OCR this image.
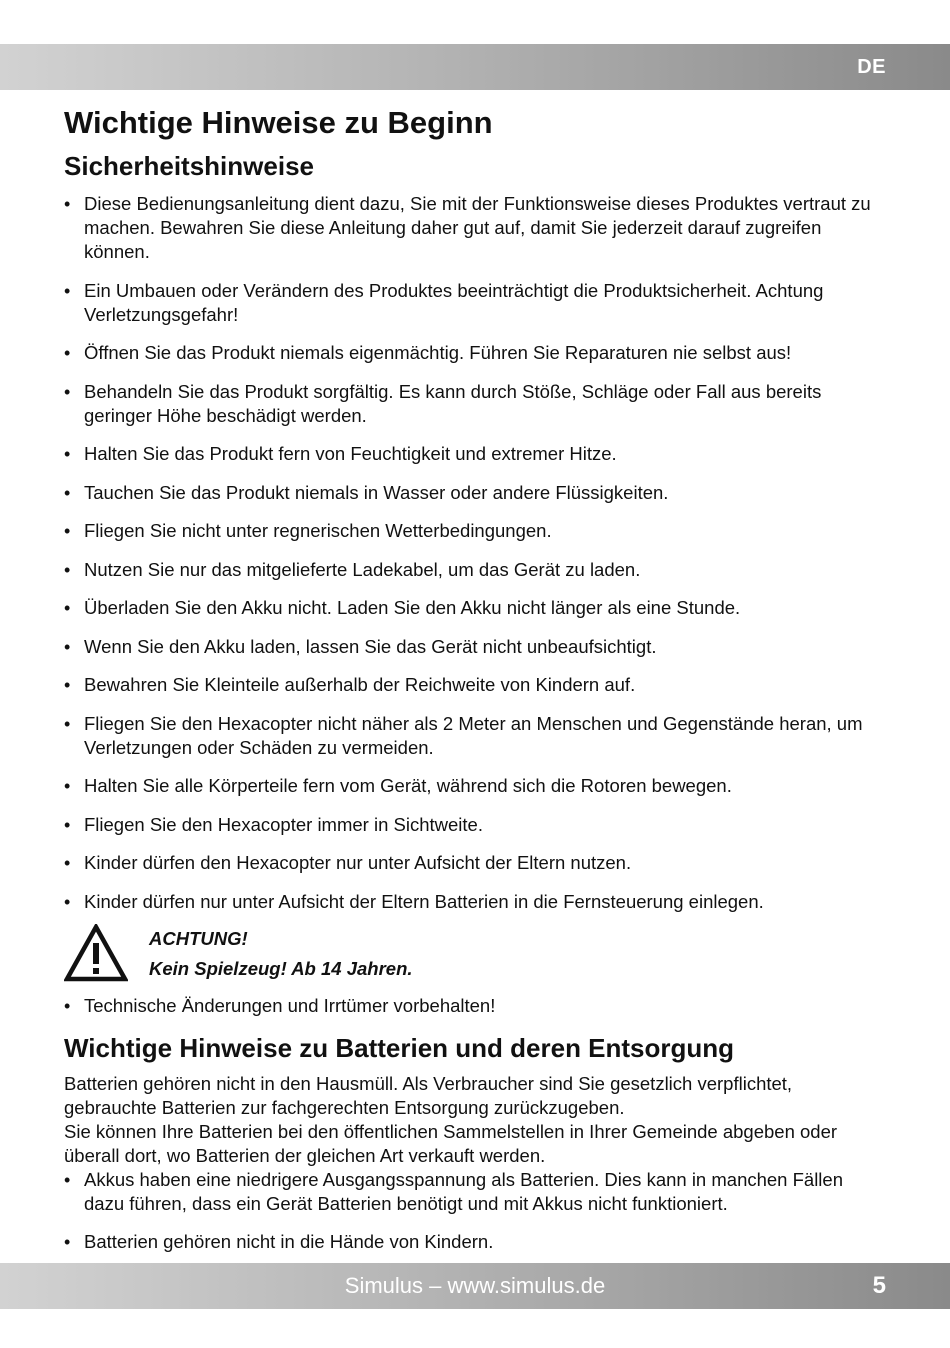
DE
Wichtige Hinweise zu Beginn
Sicherheitshinweise
• Diese Bedienungsanleitung dient dazu, Sie mit der Funktionsweise dieses Produktes vertraut zu machen. Bewahren Sie diese Anleitung daher gut auf, damit Sie jederzeit darauf zugreifen können.
• Ein Umbauen oder Verändern des Produktes beeinträchtigt die Produktsicherheit. Achtung Verletzungsgefahr!
• Öffnen Sie das Produkt niemals eigenmächtig. Führen Sie Reparaturen nie selbst aus!
• Behandeln Sie das Produkt sorgfältig. Es kann durch Stöße, Schläge oder Fall aus bereits geringer Höhe beschädigt werden.
• Halten Sie das Produkt fern von Feuchtigkeit und extremer Hitze.
• Tauchen Sie das Produkt niemals in Wasser oder andere Flüssigkeiten.
• Fliegen Sie nicht unter regnerischen Wetterbedingungen.
• Nutzen Sie nur das mitgelieferte Ladekabel, um das Gerät zu laden.
• Überladen Sie den Akku nicht. Laden Sie den Akku nicht länger als eine Stunde.
• Wenn Sie den Akku laden, lassen Sie das Gerät nicht unbeaufsichtigt.
• Bewahren Sie Kleinteile außerhalb der Reichweite von Kindern auf.
• Fliegen Sie den Hexacopter nicht näher als 2 Meter an Menschen und Gegenstände heran, um Verletzungen oder Schäden zu vermeiden.
• Halten Sie alle Körperteile fern vom Gerät, während sich die Rotoren bewegen.
• Fliegen Sie den Hexacopter immer in Sichtweite.
• Kinder dürfen den Hexacopter nur unter Aufsicht der Eltern nutzen.
• Kinder dürfen nur unter Aufsicht der Eltern Batterien in die Fernsteuerung einlegen.
ACHTUNG!
Kein Spielzeug! Ab 14 Jahren.
• Technische Änderungen und Irrtümer vorbehalten!
Wichtige Hinweise zu Batterien und deren Entsorgung

Batterien gehören nicht in den Hausmüll. Als Verbraucher sind Sie gesetzlich verpflichtet, gebrauchte Batterien zur fachgerechten Entsorgung zurückzugeben.

Sie können Ihre Batterien bei den öffentlichen Sammelstellen in Ihrer Gemeinde abgeben oder überall dort, wo Batterien der gleichen Art verkauft werden.

• Akkus haben eine niedrigere Ausgangsspannung als Batterien. Dies kann in manchen Fällen dazu führen, dass ein Gerät Batterien benötigt und mit Akkus nicht funktioniert.
• Batterien gehören nicht in die Hände von Kindern.
Simulus – www.simulus.de	5
